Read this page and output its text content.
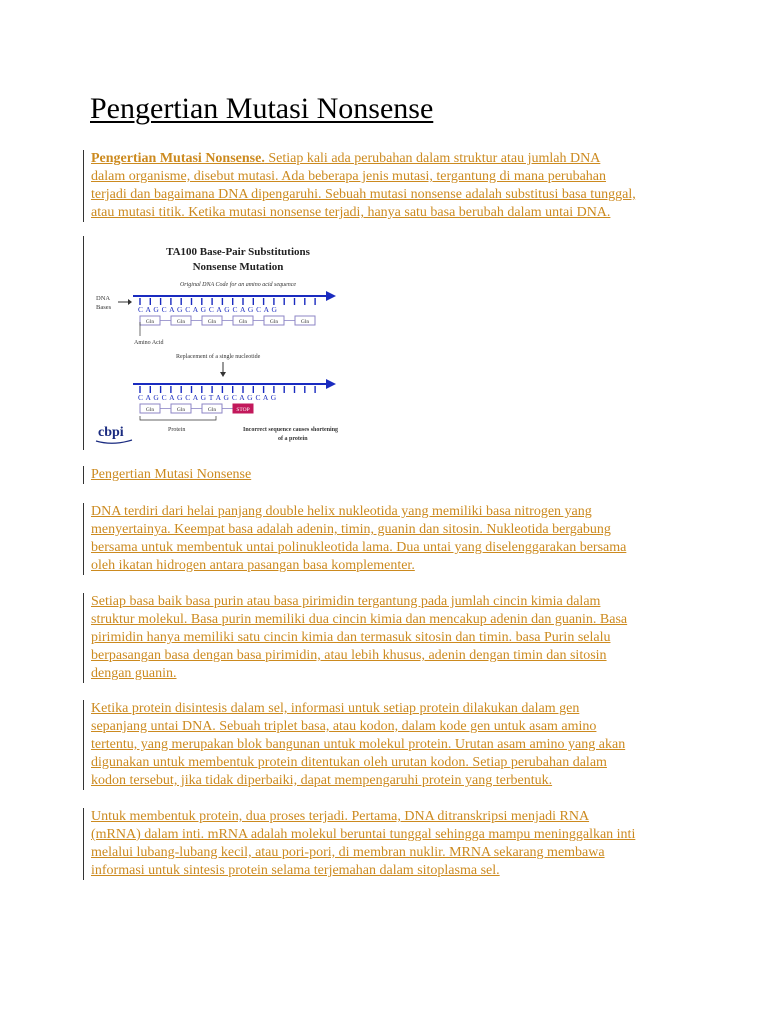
Pengertian Mutasi Nonsense
Pengertian Mutasi Nonsense. Setiap kali ada perubahan dalam struktur atau jumlah DNA
dalam organisme, disebut mutasi. Ada beberapa jenis mutasi, tergantung di mana perubahan
terjadi dan bagaimana DNA dipengaruhi. Sebuah mutasi nonsense adalah substitusi basa tunggal,
atau mutasi titik. Ketika mutasi nonsense terjadi, hanya satu basa berubah dalam untai DNA.
TA100 Base-Pair Substitutions
Nonsense Mutation
Original DNA Code for an amino acid sequence
DNA
Bases	C A G C A G C A G C A G C A G C A G
Gln	Gln	Gln	Gln	Gln	Gln
Amino Acid
Replacement of a single nucleotide
C A G C A G C A G T A G C A G C A G
Gln	Gln	Gln	STOP
cbpi	Protein	Incorrect sequence causes shortening
of a protein
Pengertian Mutasi Nonsense
DNA terdiri dari helai panjang double helix nukleotida yang memiliki basa nitrogen yang
menyertainya. Keempat basa adalah adenin, timin, guanin dan sitosin. Nukleotida bergabung
bersama untuk membentuk untai polinukleotida lama. Dua untai yang diselenggarakan bersama
oleh ikatan hidrogen antara pasangan basa komplementer.
Setiap basa baik basa purin atau basa pirimidin tergantung pada jumlah cincin kimia dalam
struktur molekul. Basa purin memiliki dua cincin kimia dan mencakup adenin dan guanin. Basa
pirimidin hanya memiliki satu cincin kimia dan termasuk sitosin dan timin. basa Purin selalu
berpasangan basa dengan basa pirimidin, atau lebih khusus, adenin dengan timin dan sitosin
dengan guanin.
Ketika protein disintesis dalam sel, informasi untuk setiap protein dilakukan dalam gen
sepanjang untai DNA. Sebuah triplet basa, atau kodon, dalam kode gen untuk asam amino
tertentu, yang merupakan blok bangunan untuk molekul protein. Urutan asam amino yang akan
digunakan untuk membentuk protein ditentukan oleh urutan kodon. Setiap perubahan dalam
kodon tersebut, jika tidak diperbaiki, dapat mempengaruhi protein yang terbentuk.
Untuk membentuk protein, dua proses terjadi. Pertama, DNA ditranskripsi menjadi RNA
(mRNA) dalam inti. mRNA adalah molekul beruntai tunggal sehingga mampu meninggalkan inti
melalui lubang-lubang kecil, atau pori-pori, di membran nuklir. MRNA sekarang membawa
informasi untuk sintesis protein selama terjemahan dalam sitoplasma sel.
